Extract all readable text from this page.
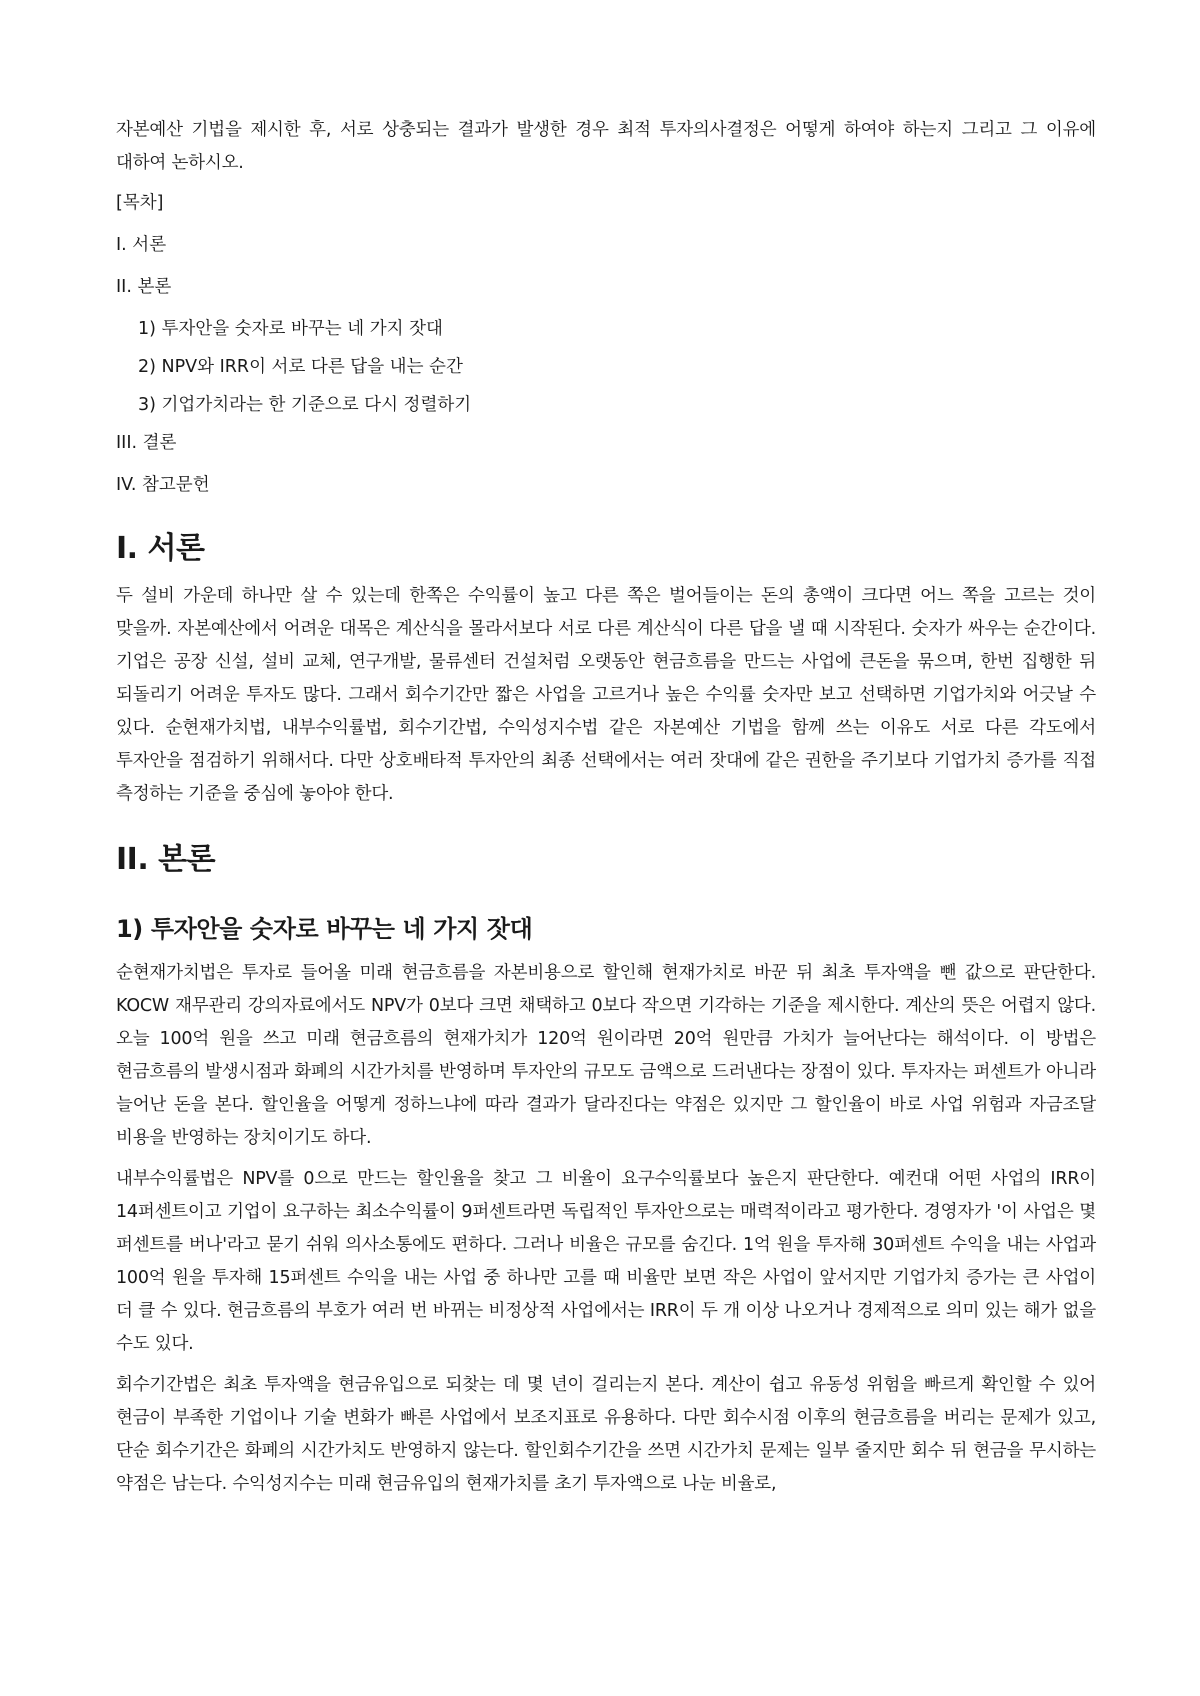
자본예산 기법을 제시한 후, 서로 상충되는 결과가 발생한 경우 최적 투자의사결정은 어떻게 하여야 하는지 그리고 그 이유에 대하여 논하시오.

[목차]
I. 서론
II. 본론
1) 투자안을 숫자로 바꾸는 네 가지 잣대
2) NPV와 IRR이 서로 다른 답을 내는 순간
3) 기업가치라는 한 기준으로 다시 정렬하기
III. 결론
IV. 참고문헌
I. 서론

두 설비 가운데 하나만 살 수 있는데 한쪽은 수익률이 높고 다른 쪽은 벌어들이는 돈의 총액이 크다면 어느 쪽을 고르는 것이 맞을까. 자본예산에서 어려운 대목은 계산식을 몰라서보다 서로 다른 계산식이 다른 답을 낼 때 시작된다. 숫자가 싸우는 순간이다. 기업은 공장 신설, 설비 교체, 연구개발, 물류센터 건설처럼 오랫동안 현금흐름을 만드는 사업에 큰돈을 묶으며, 한번 집행한 뒤 되돌리기 어려운 투자도 많다. 그래서 회수기간만 짧은 사업을 고르거나 높은 수익률 숫자만 보고 선택하면 기업가치와 어긋날 수 있다. 순현재가치법, 내부수익률법, 회수기간법, 수익성지수법 같은 자본예산 기법을 함께 쓰는 이유도 서로 다른 각도에서 투자안을 점검하기 위해서다. 다만 상호배타적 투자안의 최종 선택에서는 여러 잣대에 같은 권한을 주기보다 기업가치 증가를 직접 측정하는 기준을 중심에 놓아야 한다.

II. 본론
1) 투자안을 숫자로 바꾸는 네 가지 잣대

순현재가치법은 투자로 들어올 미래 현금흐름을 자본비용으로 할인해 현재가치로 바꾼 뒤 최초 투자액을 뺀 값으로 판단한다. KOCW 재무관리 강의자료에서도 NPV가 0보다 크면 채택하고 0보다 작으면 기각하는 기준을 제시한다. 계산의 뜻은 어렵지 않다. 오늘 100억 원을 쓰고 미래 현금흐름의 현재가치가 120억 원이라면 20억 원만큼 가치가 늘어난다는 해석이다. 이 방법은 현금흐름의 발생시점과 화폐의 시간가치를 반영하며 투자안의 규모도 금액으로 드러낸다는 장점이 있다. 투자자는 퍼센트가 아니라 늘어난 돈을 본다. 할인율을 어떻게 정하느냐에 따라 결과가 달라진다는 약점은 있지만 그 할인율이 바로 사업 위험과 자금조달 비용을 반영하는 장치이기도 하다.

내부수익률법은 NPV를 0으로 만드는 할인율을 찾고 그 비율이 요구수익률보다 높은지 판단한다. 예컨대 어떤 사업의 IRR이 14퍼센트이고 기업이 요구하는 최소수익률이 9퍼센트라면 독립적인 투자안으로는 매력적이라고 평가한다. 경영자가 '이 사업은 몇 퍼센트를 버나'라고 묻기 쉬워 의사소통에도 편하다. 그러나 비율은 규모를 숨긴다. 1억 원을 투자해 30퍼센트 수익을 내는 사업과 100억 원을 투자해 15퍼센트 수익을 내는 사업 중 하나만 고를 때 비율만 보면 작은 사업이 앞서지만 기업가치 증가는 큰 사업이 더 클 수 있다. 현금흐름의 부호가 여러 번 바뀌는 비정상적 사업에서는 IRR이 두 개 이상 나오거나 경제적으로 의미 있는 해가 없을 수도 있다.

회수기간법은 최초 투자액을 현금유입으로 되찾는 데 몇 년이 걸리는지 본다. 계산이 쉽고 유동성 위험을 빠르게 확인할 수 있어 현금이 부족한 기업이나 기술 변화가 빠른 사업에서 보조지표로 유용하다. 다만 회수시점 이후의 현금흐름을 버리는 문제가 있고, 단순 회수기간은 화폐의 시간가치도 반영하지 않는다. 할인회수기간을 쓰면 시간가치 문제는 일부 줄지만 회수 뒤 현금을 무시하는 약점은 남는다. 수익성지수는 미래 현금유입의 현재가치를 초기 투자액으로 나눈 비율로,
